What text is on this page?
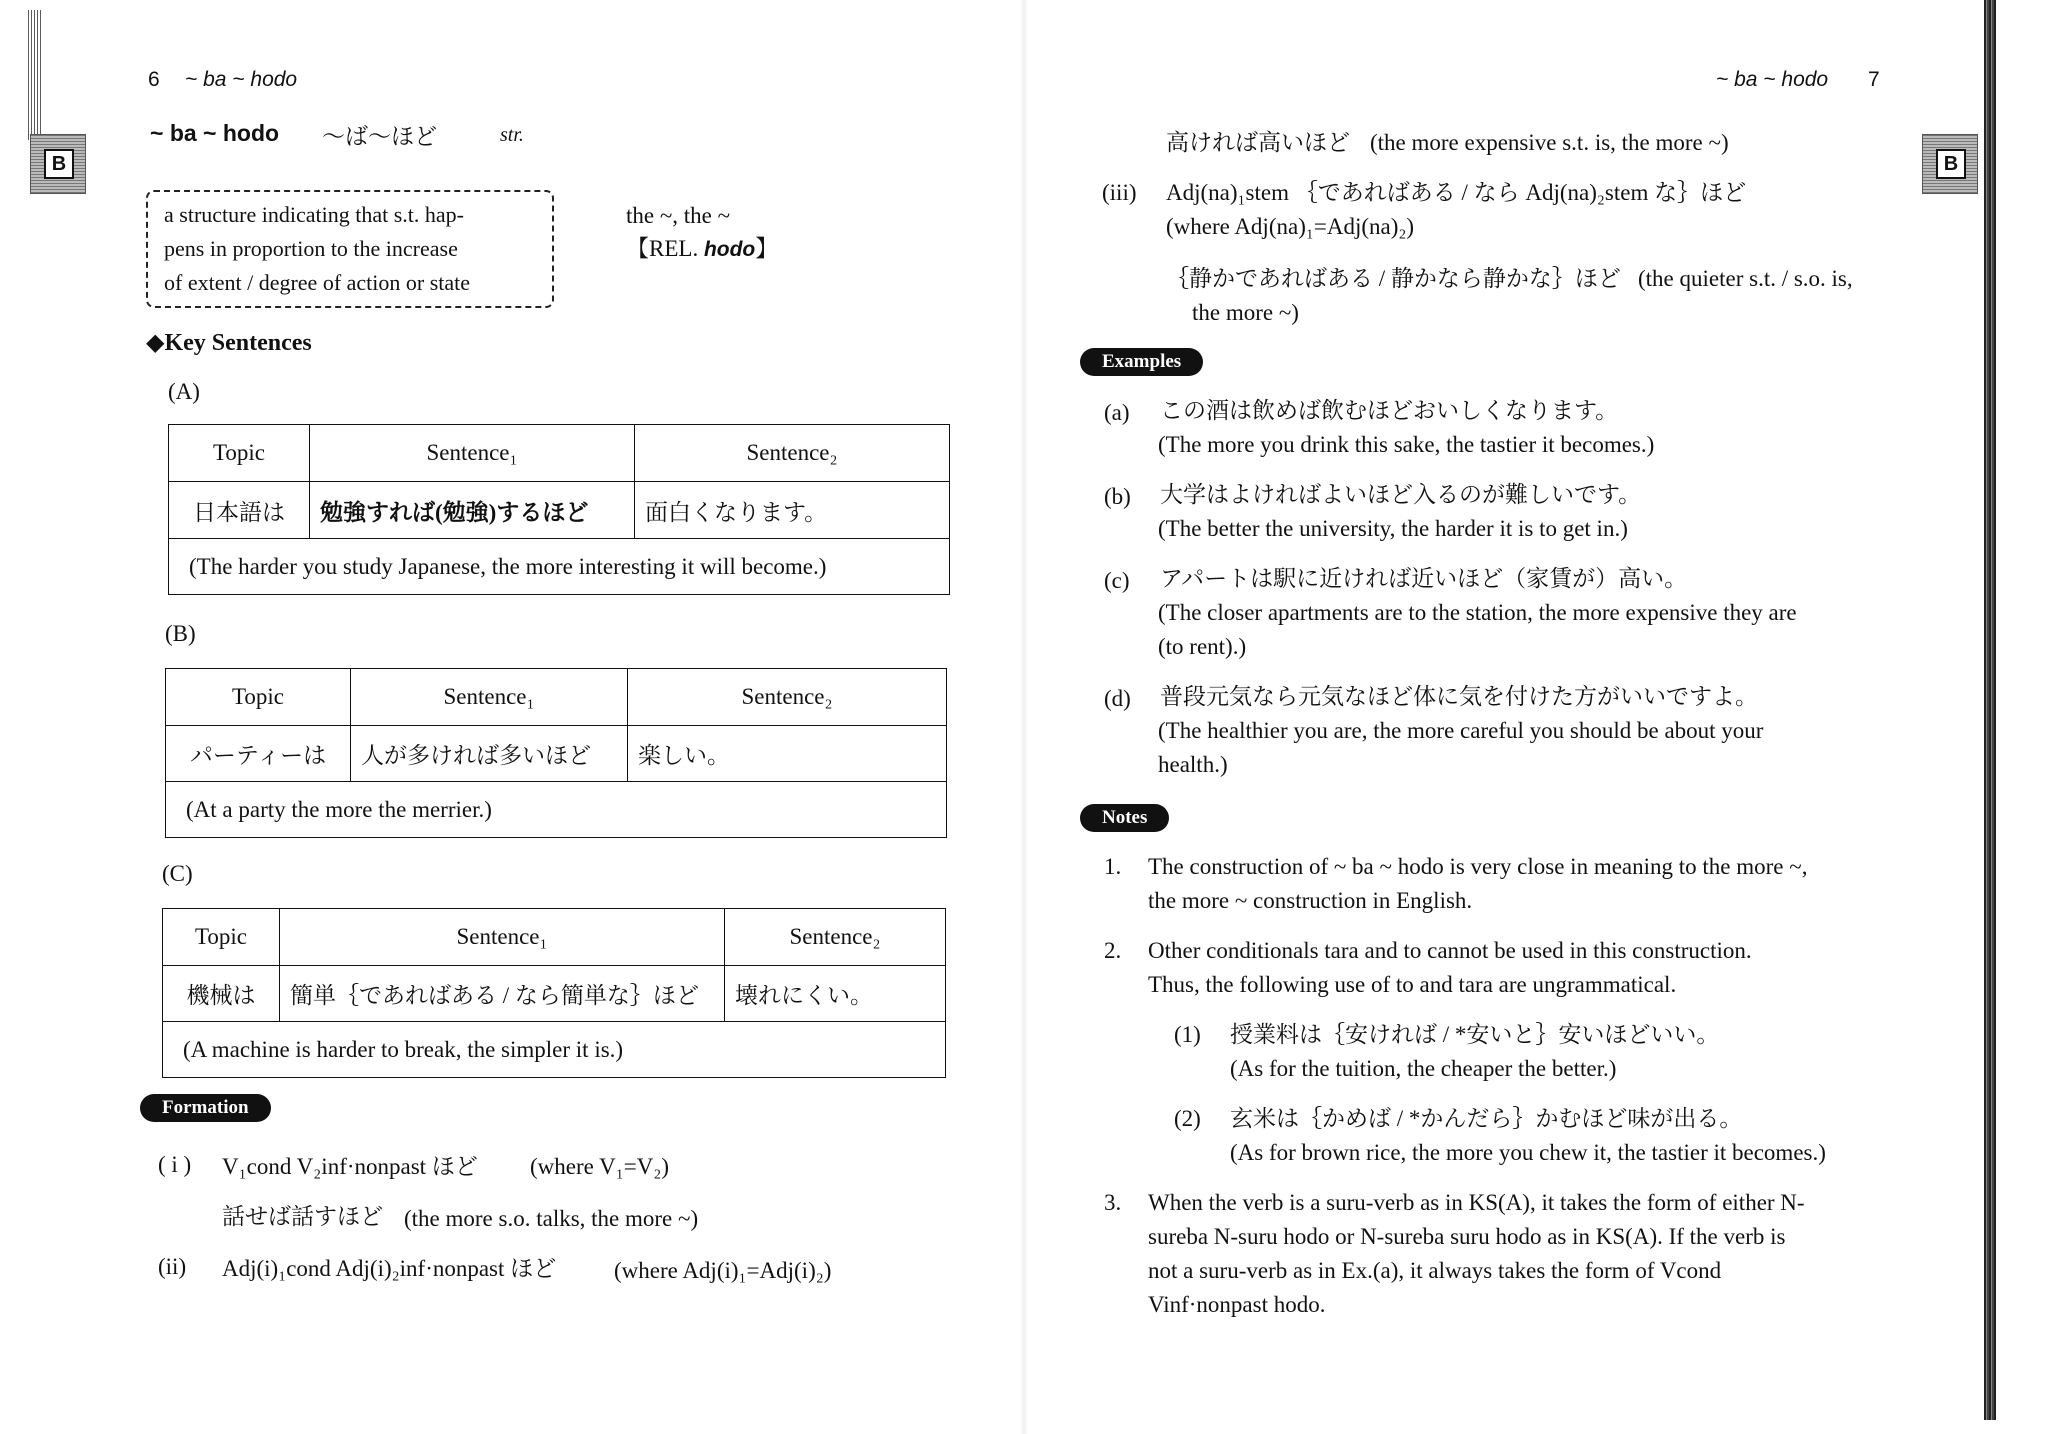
B
6 ~ ba ~ hodo
~ ba ~ hodo 〜ば〜ほど	str.
a structure indicating that s.t. hap-
pens in proportion to the increase
of extent / degree of action or state
the ~, the ~
【REL. hodo】
◆Key Sentences
(A)
Topic	Sentence₁	Sentence₂
日本語は	勉強すれば(勉強)するほど	面白くなります。
(The harder you study Japanese, the more interesting it will become.)		
(B)
Topic	Sentence₁	Sentence₂
パーティーは	人が多ければ多いほど	楽しい。
(At a party the more the merrier.)		
(C)
Topic	Sentence₁	Sentence₂
機械は	簡単｛であればある / なら簡単な｝ほど	壊れにくい。
(A machine is harder to break, the simpler it is.)		
Formation
( i ) V₁cond V₂inf·nonpast ほど (where V₁=V₂)
話せば話すほど (the more s.o. talks, the more ~)
(ii) Adj(i)₁cond Adj(i)₂inf·nonpast ほど	(where Adj(i)₁=Adj(i)₂)
B
~ ba ~ hodo 7
高ければ高いほど (the more expensive s.t. is, the more ~)
(iii) Adj(na)₁stem ｛であればある / なら Adj(na)₂stem な｝ほど
(where Adj(na)₁=Adj(na)₂)
｛静かであればある / 静かなら静かな｝ほど (the quieter s.t. / s.o. is,
the more ~)
Examples
(a) この酒は飲めば飲むほどおいしくなります。
(The more you drink this sake, the tastier it becomes.)
(b) 大学はよければよいほど入るのが難しいです。
(The better the university, the harder it is to get in.)
(c) アパートは駅に近ければ近いほど（家賃が）高い。
(The closer apartments are to the station, the more expensive they are
(to rent).)
(d) 普段元気なら元気なほど体に気を付けた方がいいですよ。
(The healthier you are, the more careful you should be about your
health.)
Notes
1. The construction of ~ ba ~ hodo is very close in meaning to the more ~,
the more ~ construction in English.
2. Other conditionals tara and to cannot be used in this construction.
Thus, the following use of to and tara are ungrammatical.
(1) 授業料は｛安ければ / *安いと｝安いほどいい。
(As for the tuition, the cheaper the better.)
(2) 玄米は｛かめば / *かんだら｝かむほど味が出る。
(As for brown rice, the more you chew it, the tastier it becomes.)
3. When the verb is a suru-verb as in KS(A), it takes the form of either N-
sureba N-suru hodo or N-sureba suru hodo as in KS(A). If the verb is
not a suru-verb as in Ex.(a), it always takes the form of Vcond
Vinf·nonpast hodo.
